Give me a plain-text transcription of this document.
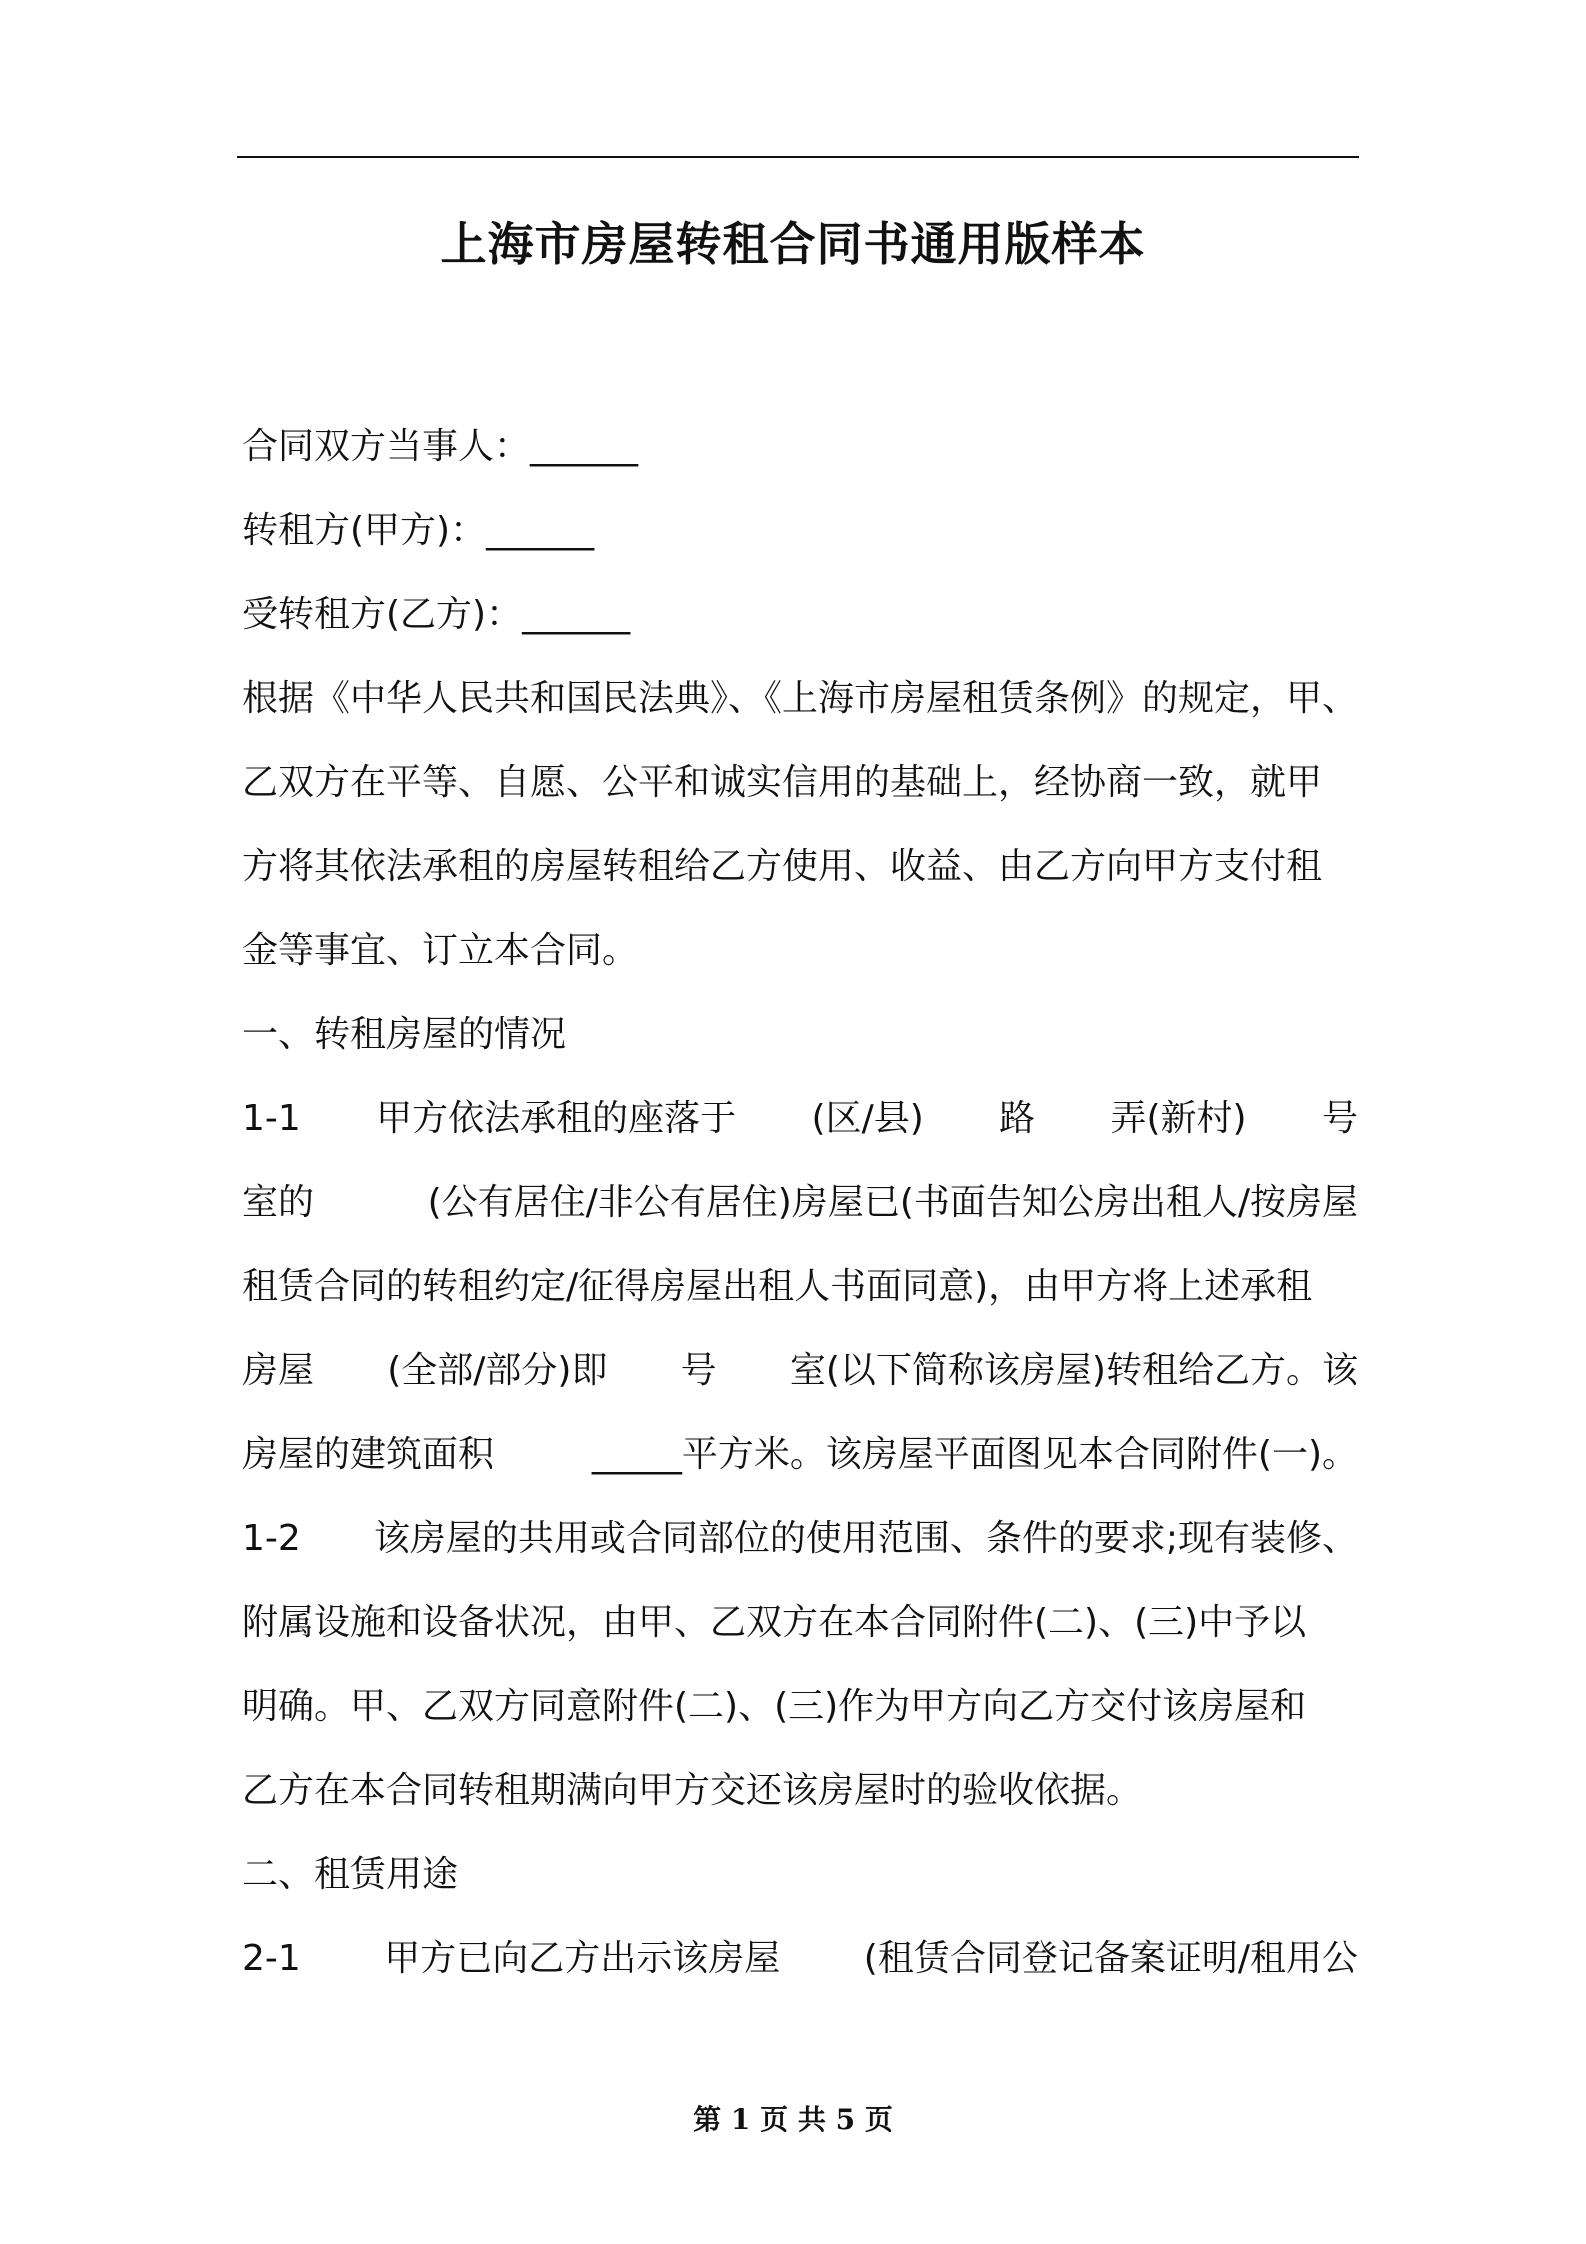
上海市房屋转租合同书通用版样本
合同双方当事人：______
转租方(甲方)：______
受转租方(乙方)：______
根据《中华人民共和国民法典》、《上海市房屋租赁条例》的规定，甲、
乙双方在平等、自愿、公平和诚实信用的基础上，经协商一致，就甲
方将其依法承租的房屋转租给乙方使用、收益、由乙方向甲方支付租
金等事宜、订立本合同。
一、转租房屋的情况
1-1 甲方依法承租的座落于 (区/县) 路 弄(新村) 号
室的	(公有居住/非公有居住)房屋已(书面告知公房出租人/按房屋
租赁合同的转租约定/征得房屋出租人书面同意)，由甲方将上述承租
房屋 (全部/部分)即 号 室(以下简称该房屋)转租给乙方。该
房屋的建筑面积	_____平方米。该房屋平面图见本合同附件(一)。
1-2 该房屋的共用或合同部位的使用范围、条件的要求;现有装修、
附属设施和设备状况，由甲、乙双方在本合同附件(二)、(三)中予以
明确。甲、乙双方同意附件(二)、(三)作为甲方向乙方交付该房屋和
乙方在本合同转租期满向甲方交还该房屋时的验收依据。
二、租赁用途
2-1 甲方已向乙方出示该房屋 (租赁合同登记备案证明/租用公
第 1 页 共 5 页
